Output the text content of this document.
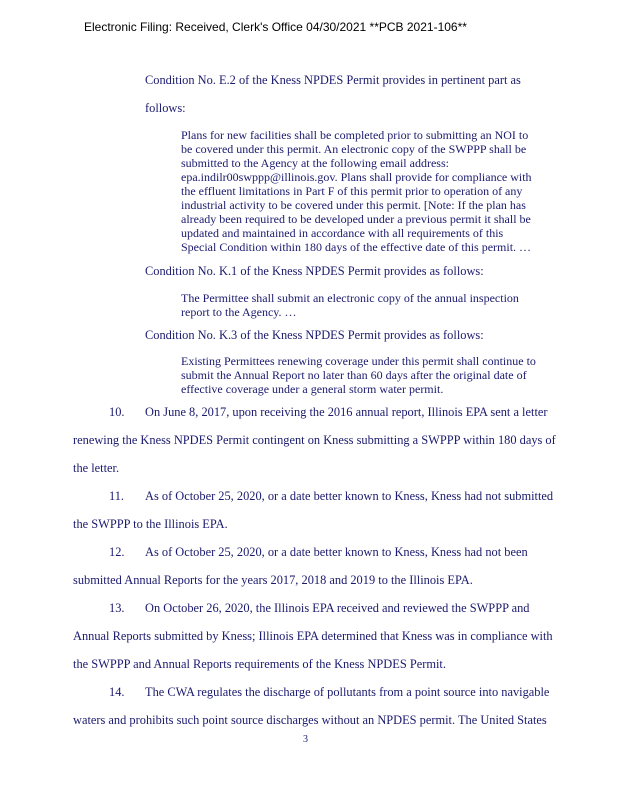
Electronic Filing: Received, Clerk's Office 04/30/2021 **PCB 2021-106**
Condition No. E.2 of the Kness NPDES Permit provides in pertinent part as
follows:
Plans for new facilities shall be completed prior to submitting an NOI to
be covered under this permit. An electronic copy of the SWPPP shall be
submitted to the Agency at the following email address:
epa.indilr00swppp@illinois.gov. Plans shall provide for compliance with
the effluent limitations in Part F of this permit prior to operation of any
industrial activity to be covered under this permit. [Note: If the plan has
already been required to be developed under a previous permit it shall be
updated and maintained in accordance with all requirements of this
Special Condition within 180 days of the effective date of this permit. …
Condition No. K.1 of the Kness NPDES Permit provides as follows:
The Permittee shall submit an electronic copy of the annual inspection
report to the Agency. …
Condition No. K.3 of the Kness NPDES Permit provides as follows:
Existing Permittees renewing coverage under this permit shall continue to
submit the Annual Report no later than 60 days after the original date of
effective coverage under a general storm water permit.
10. On June 8, 2017, upon receiving the 2016 annual report, Illinois EPA sent a letter
renewing the Kness NPDES Permit contingent on Kness submitting a SWPPP within 180 days of
the letter.
11. As of October 25, 2020, or a date better known to Kness, Kness had not submitted
the SWPPP to the Illinois EPA.
12. As of October 25, 2020, or a date better known to Kness, Kness had not been
submitted Annual Reports for the years 2017, 2018 and 2019 to the Illinois EPA.
13. On October 26, 2020, the Illinois EPA received and reviewed the SWPPP and
Annual Reports submitted by Kness; Illinois EPA determined that Kness was in compliance with
the SWPPP and Annual Reports requirements of the Kness NPDES Permit.
14. The CWA regulates the discharge of pollutants from a point source into navigable
waters and prohibits such point source discharges without an NPDES permit. The United States
3
